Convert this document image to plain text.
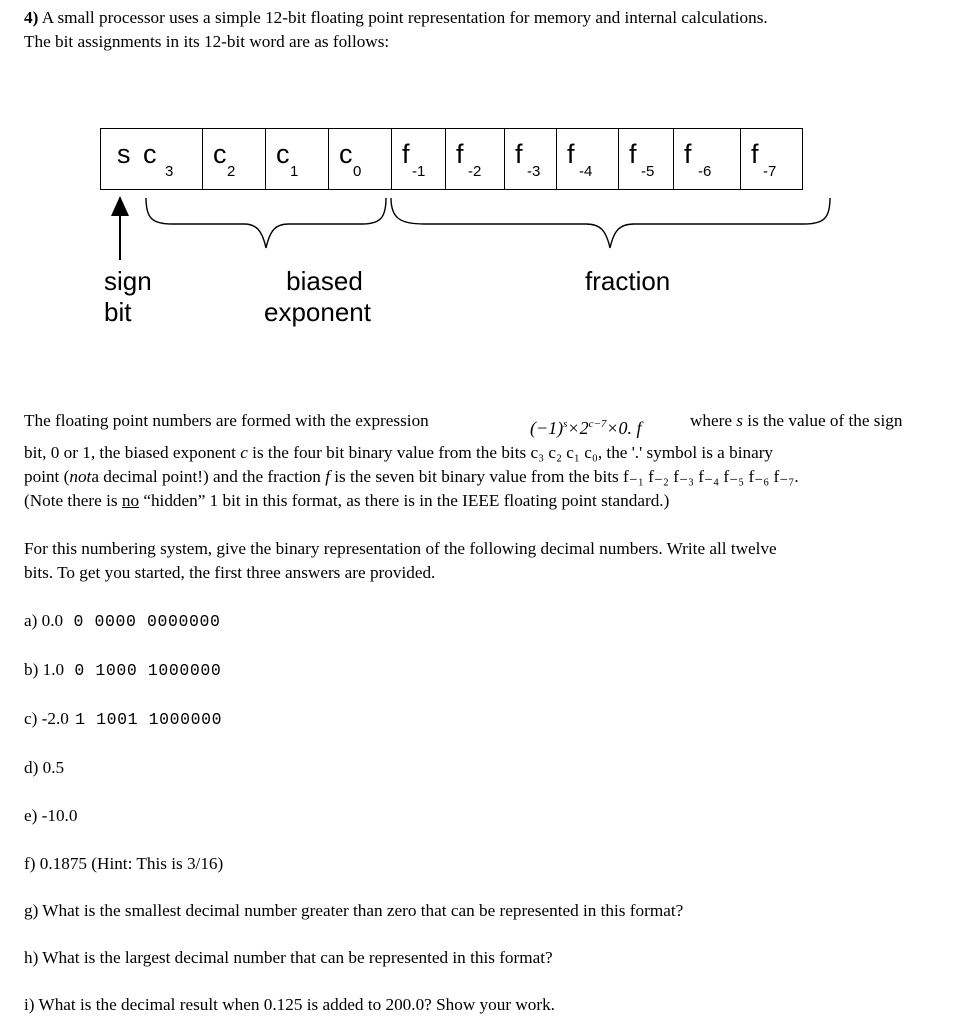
4) A small processor uses a simple 12-bit floating point representation for memory and internal calculations.
The bit assignments in its 12-bit word are as follows:
s c
3
c
2
c
1
c
0
f
-1
f
-2
f
-3
f
-4
f
-5
f
-6
f
-7
sign
bit
biased
exponent
fraction
The floating point numbers are formed with the expression	$(-1)^s\times 2^{c-7}\times 0$. f	where s is the value of the sign
bit, 0 or 1, the biased exponent c is the four bit binary value from the bits c₃ c₂ c₁ c₀, the '.' symbol is a binary
point (nota decimal point!) and the fraction f is the seven bit binary value from the bits f₋₁ f₋₂ f₋₃ f₋₄ f₋₅ f₋₆ f₋₇.
(Note there is no “hidden” 1 bit in this format, as there is in the IEEE floating point standard.)
For this numbering system, give the binary representation of the following decimal numbers. Write all twelve
bits. To get you started, the first three answers are provided.
a) 0.0 0 0000 0000000
b) 1.0 0 1000 1000000
c) -2.0 1 1001 1000000
d) 0.5
e) -10.0
f) 0.1875 (Hint: This is 3/16)
g) What is the smallest decimal number greater than zero that can be represented in this format?
h) What is the largest decimal number that can be represented in this format?
i) What is the decimal result when 0.125 is added to 200.0? Show your work.
